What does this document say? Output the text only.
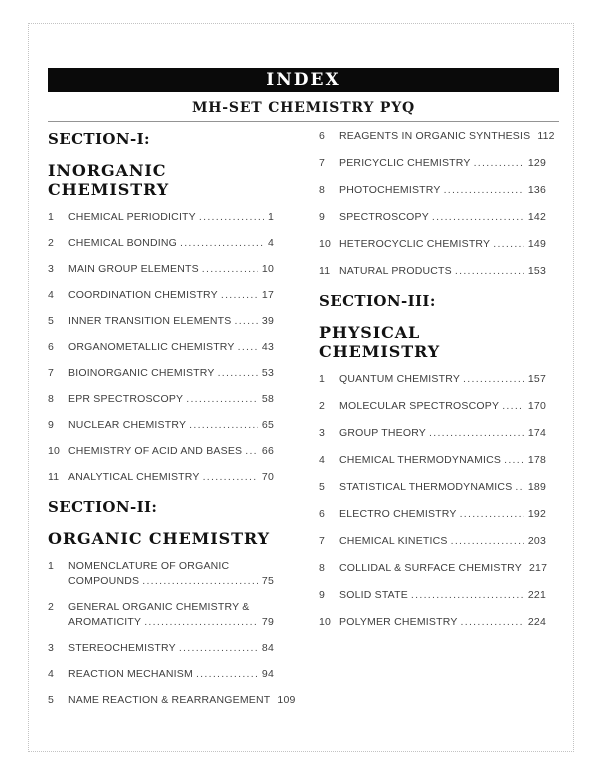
INDEX
MH-SET CHEMISTRY PYQ
SECTION-I:
INORGANIC CHEMISTRY
1	CHEMICAL PERIODICITY .....	1
2	CHEMICAL BONDING .....	4
3	MAIN GROUP ELEMENTS .....	10
4	COORDINATION CHEMISTRY .....	17
5	INNER TRANSITION ELEMENTS .....	39
6	ORGANOMETALLIC CHEMISTRY .....	43
7	BIOINORGANIC CHEMISTRY .....	53
8	EPR SPECTROSCOPY .....	58
9	NUCLEAR CHEMISTRY .....	65
10 CHEMISTRY OF ACID AND BASES .....	66
11 ANALYTICAL CHEMISTRY .....	70
SECTION-II:
ORGANIC CHEMISTRY
1	NOMENCLATURE OF ORGANIC
COMPOUNDS .....	75
2	GENERAL ORGANIC CHEMISTRY &
AROMATICITY .....	79
3	STEREOCHEMISTRY .....	84
4	REACTION MECHANISM .....	94
5	NAME REACTION & REARRANGEMENT 109
6	REAGENTS IN ORGANIC SYNTHESIS 112
7	PERICYCLIC CHEMISTRY .....	129
8	PHOTOCHEMISTRY .....	136
9	SPECTROSCOPY .....	142
10 HETEROCYCLIC CHEMISTRY .....	149
11 NATURAL PRODUCTS .....	153
SECTION-III:
PHYSICAL CHEMISTRY
1	QUANTUM CHEMISTRY .....	157
2	MOLECULAR SPECTROSCOPY .....	170
3	GROUP THEORY .....	174
4	CHEMICAL THERMODYNAMICS .....	178
5	STATISTICAL THERMODYNAMICS .....	189
6	ELECTRO CHEMISTRY .....	192
7	CHEMICAL KINETICS .....	203
8	COLLIDAL & SURFACE CHEMISTRY 217
9	SOLID STATE .....	221
10 POLYMER CHEMISTRY .....	224
